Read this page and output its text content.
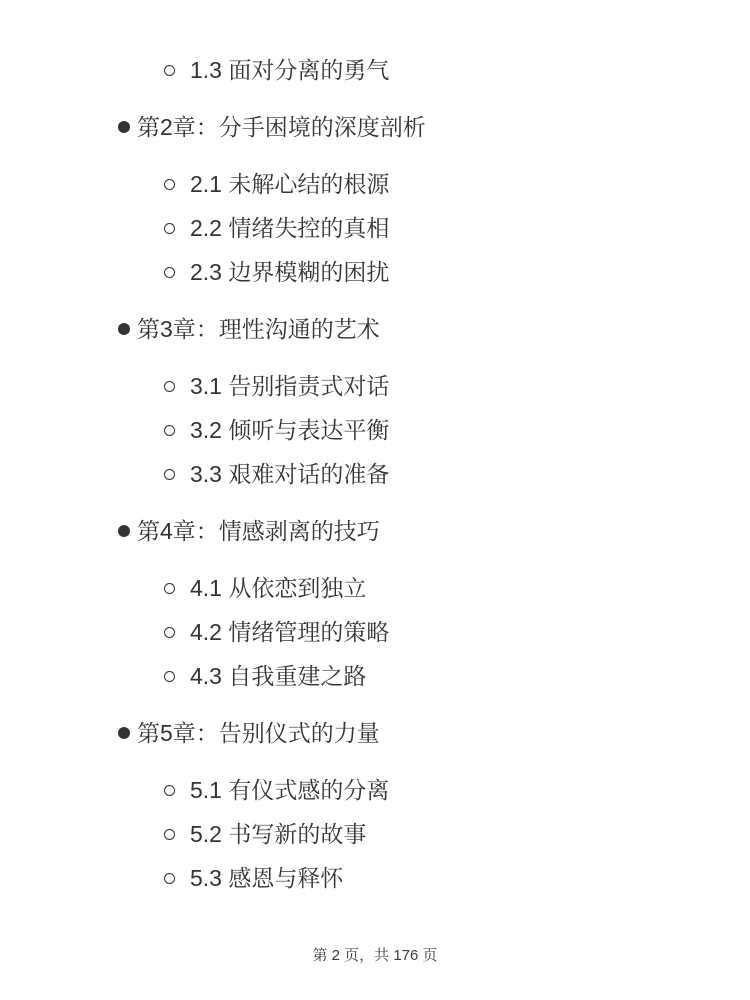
1.3 面对分离的勇气
第2章：分手困境的深度剖析
2.1 未解心结的根源
2.2 情绪失控的真相
2.3 边界模糊的困扰
第3章：理性沟通的艺术
3.1 告别指责式对话
3.2 倾听与表达平衡
3.3 艰难对话的准备
第4章：情感剥离的技巧
4.1 从依恋到独立
4.2 情绪管理的策略
4.3 自我重建之路
第5章：告别仪式的力量
5.1 有仪式感的分离
5.2 书写新的故事
5.3 感恩与释怀
第 2 页，共 176 页
